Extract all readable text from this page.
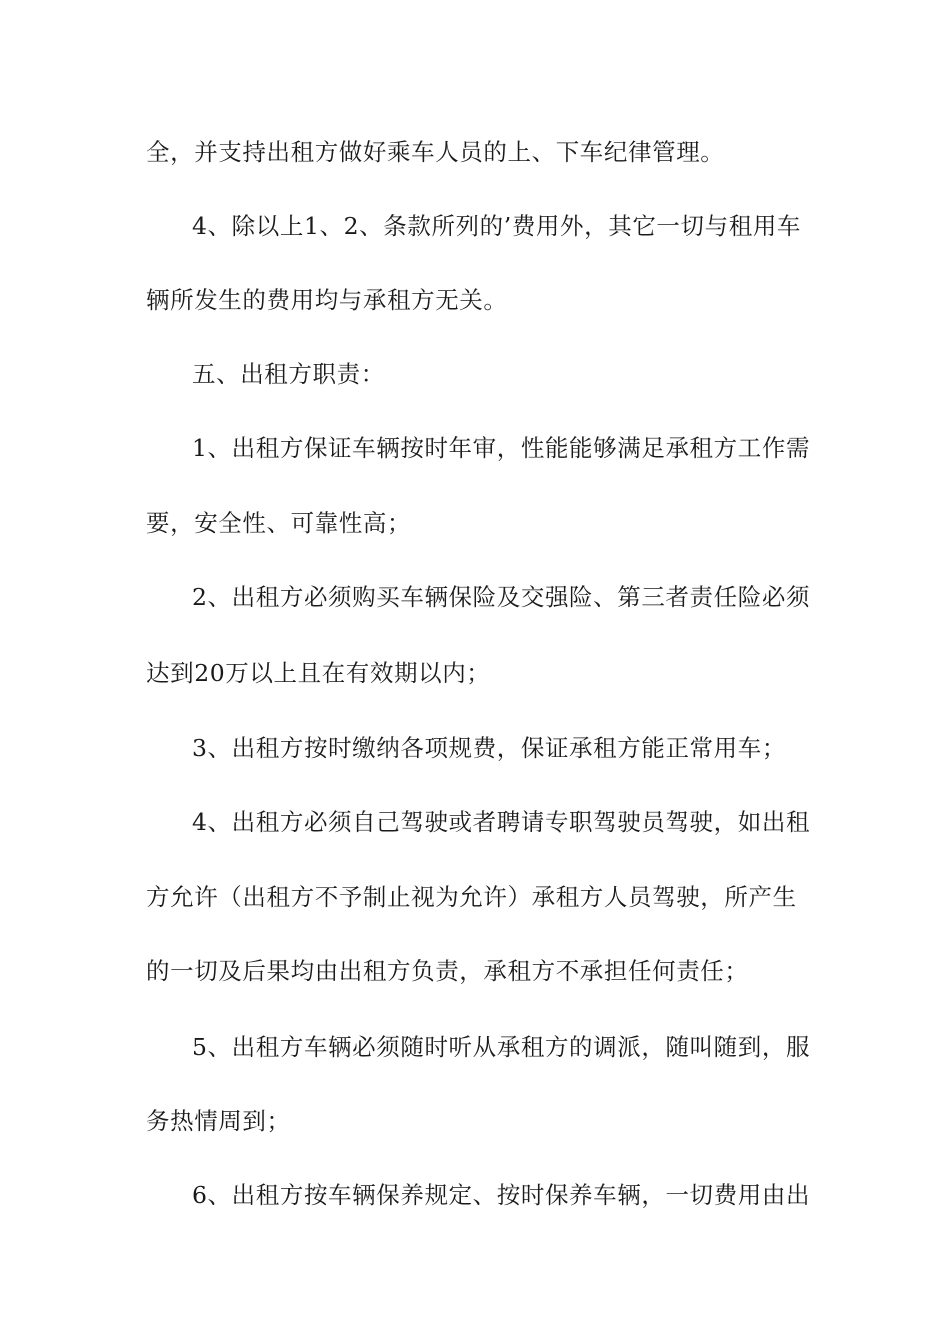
全，并支持出租方做好乘车人员的上、下车纪律管理。
4、除以上1、2、条款所列的’费用外，其它一切与租用车
辆所发生的费用均与承租方无关。
五、出租方职责：
1、出租方保证车辆按时年审，性能能够满足承租方工作需
要，安全性、可靠性高；
2、出租方必须购买车辆保险及交强险、第三者责任险必须
达到20万以上且在有效期以内；
3、出租方按时缴纳各项规费，保证承租方能正常用车；
4、出租方必须自己驾驶或者聘请专职驾驶员驾驶，如出租
方允许（出租方不予制止视为允许）承租方人员驾驶，所产生
的一切及后果均由出租方负责，承租方不承担任何责任；
5、出租方车辆必须随时听从承租方的调派，随叫随到，服
务热情周到；
6、出租方按车辆保养规定、按时保养车辆，一切费用由出
